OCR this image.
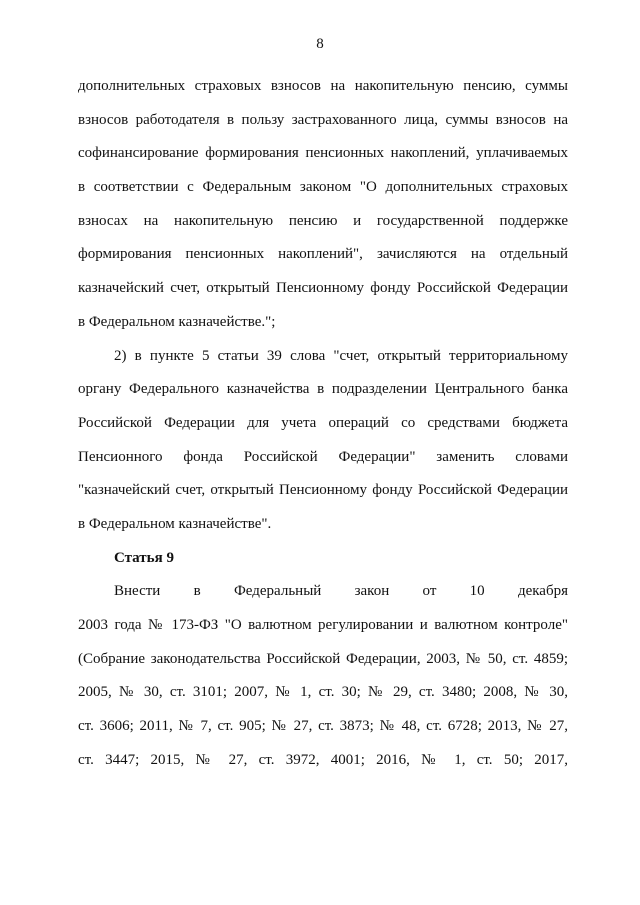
8
дополнительных страховых взносов на накопительную пенсию, суммы
взносов работодателя в пользу застрахованного лица, суммы взносов на
софинансирование формирования пенсионных накоплений, уплачиваемых
в соответствии с Федеральным законом "О дополнительных страховых
взносах на накопительную пенсию и государственной поддержке
формирования пенсионных накоплений", зачисляются на отдельный
казначейский счет, открытый Пенсионному фонду Российской Федерации
в Федеральном казначействе.";
2) в пункте 5 статьи 39 слова "счет, открытый территориальному
органу Федерального казначейства в подразделении Центрального банка
Российской Федерации для учета операций со средствами бюджета
Пенсионного фонда Российской Федерации" заменить словами
"казначейский счет, открытый Пенсионному фонду Российской Федерации
в Федеральном казначействе".
Статья 9
Внести в Федеральный закон от 10 декабря
2003 года № 173-ФЗ "О валютном регулировании и валютном контроле"
(Собрание законодательства Российской Федерации, 2003, № 50, ст. 4859;
2005, № 30, ст. 3101; 2007, № 1, ст. 30; № 29, ст. 3480; 2008, № 30,
ст. 3606; 2011, № 7, ст. 905; № 27, ст. 3873; № 48, ст. 6728; 2013, № 27,
ст. 3447; 2015, № 27, ст. 3972, 4001; 2016, № 1, ст. 50; 2017,
